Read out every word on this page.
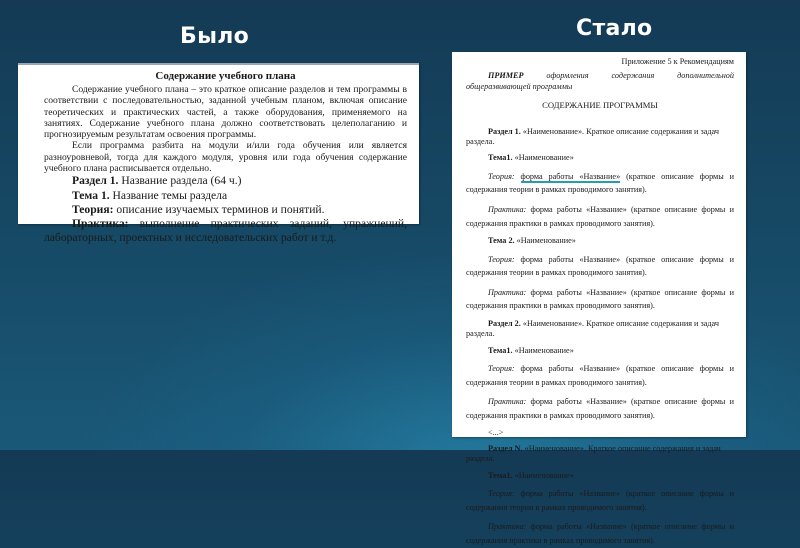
Было	Стало
Содержание учебного плана

Содержание учебного плана – это краткое описание разделов и тем программы в соответствии с последовательностью, заданной учебным планом, включая описание теоретических и практических частей, а также оборудования, применяемого на занятиях. Содержание учебного плана должно соответствовать целеполаганию и прогнозируемым результатам освоения программы.

Если программа разбита на модули и/или года обучения или является разноуровневой, тогда для каждого модуля, уровня или года обучения содержание учебного плана расписывается отдельно.

Раздел 1. Название раздела (64 ч.)

Тема 1. Название темы раздела

Теория: описание изучаемых терминов и понятий.

Практика: выполнение практических заданий, упражнений, лабораторных, проектных и исследовательских работ и т.д.

Приложение 5 к Рекомендациям

ПРИМЕР оформления содержания дополнительной общеразвивающей программы

СОДЕРЖАНИЕ ПРОГРАММЫ

Раздел 1. «Наименование». Краткое описание содержания и задач раздела.

Тема1. «Наименование»

Теория: форма работы «Название» (краткое описание формы и содержания теории в рамках проводимого занятия).

Практика: форма работы «Название» (краткое описание формы и содержания практики в рамках проводимого занятия).

Тема 2. «Наименование»

Теория: форма работы «Название» (краткое описание формы и содержания теории в рамках проводимого занятия).

Практика: форма работы «Название» (краткое описание формы и содержания практики в рамках проводимого занятия).

Раздел 2. «Наименование». Краткое описание содержания и задач раздела.

Тема1. «Наименование»

Теория: форма работы «Название» (краткое описание формы и содержания теории в рамках проводимого занятия).

Практика: форма работы «Название» (краткое описание формы и содержания практики в рамках проводимого занятия).

<...>

Раздел N. «Наименование». Краткое описание содержания и задач раздела.

Тема1. «Наименование»

Теория: форма работы «Название» (краткое описание формы и содержания теории в рамках проводимого занятия).

Практика: форма работы «Название» (краткое описание формы и содержания практики в рамках проводимого занятия).
